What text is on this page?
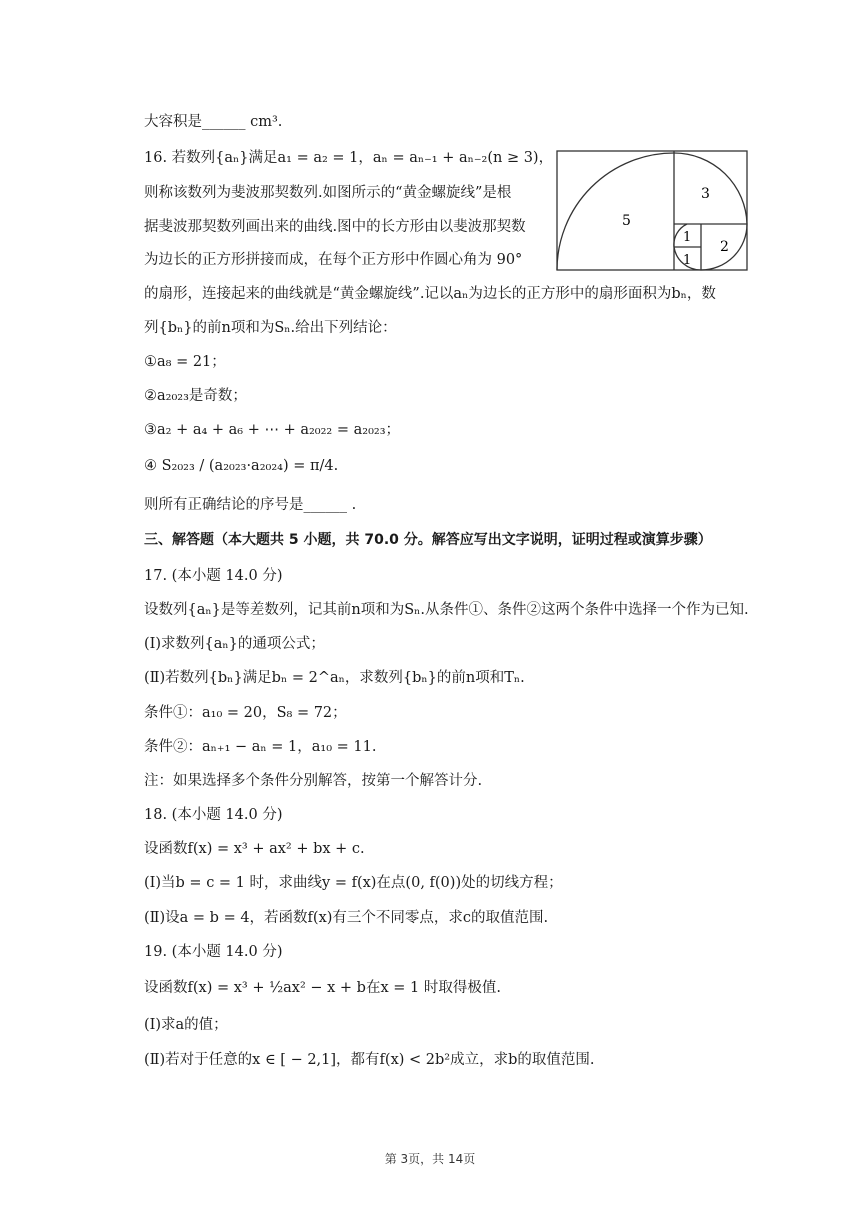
大容积是______ cm³.
16. 若数列{aₙ}满足a₁ = a₂ = 1，aₙ = aₙ₋₁ + aₙ₋₂(n ≥ 3)，
则称该数列为斐波那契数列.如图所示的“黄金螺旋线”是根
据斐波那契数列画出来的曲线.图中的长方形由以斐波那契数
为边长的正方形拼接而成，在每个正方形中作圆心角为 90°
的扇形，连接起来的曲线就是“黄金螺旋线”.记以aₙ为边长的正方形中的扇形面积为bₙ，数
列{bₙ}的前n项和为Sₙ.给出下列结论：
①a₈ = 21；
②a₂₀₂₃是奇数；
③a₂ + a₄ + a₆ + ⋯ + a₂₀₂₂ = a₂₀₂₃；
④ S₂₀₂₃ / (a₂₀₂₃·a₂₀₂₄) = π/4.
则所有正确结论的序号是______ .
三、解答题（本大题共 5 小题，共 70.0 分。解答应写出文字说明，证明过程或演算步骤）
17. (本小题 14.0 分)
设数列{aₙ}是等差数列，记其前n项和为Sₙ.从条件①、条件②这两个条件中选择一个作为已知.
(Ⅰ)求数列{aₙ}的通项公式；
(Ⅱ)若数列{bₙ}满足bₙ = 2^aₙ，求数列{bₙ}的前n项和Tₙ.
条件①：a₁₀ = 20，S₈ = 72；
条件②：aₙ₊₁ − aₙ = 1，a₁₀ = 11.
注：如果选择多个条件分别解答，按第一个解答计分.
18. (本小题 14.0 分)
设函数f(x) = x³ + ax² + bx + c.
(Ⅰ)当b = c = 1 时，求曲线y = f(x)在点(0, f(0))处的切线方程；
(Ⅱ)设a = b = 4，若函数f(x)有三个不同零点，求c的取值范围.
19. (本小题 14.0 分)
设函数f(x) = x³ + ½ax² − x + b在x = 1 时取得极值.
(Ⅰ)求a的值；
(Ⅱ)若对于任意的x ∈ [ − 2,1]，都有f(x) < 2b²成立，求b的取值范围.
5
3
2
1
1
第 3页，共 14页
